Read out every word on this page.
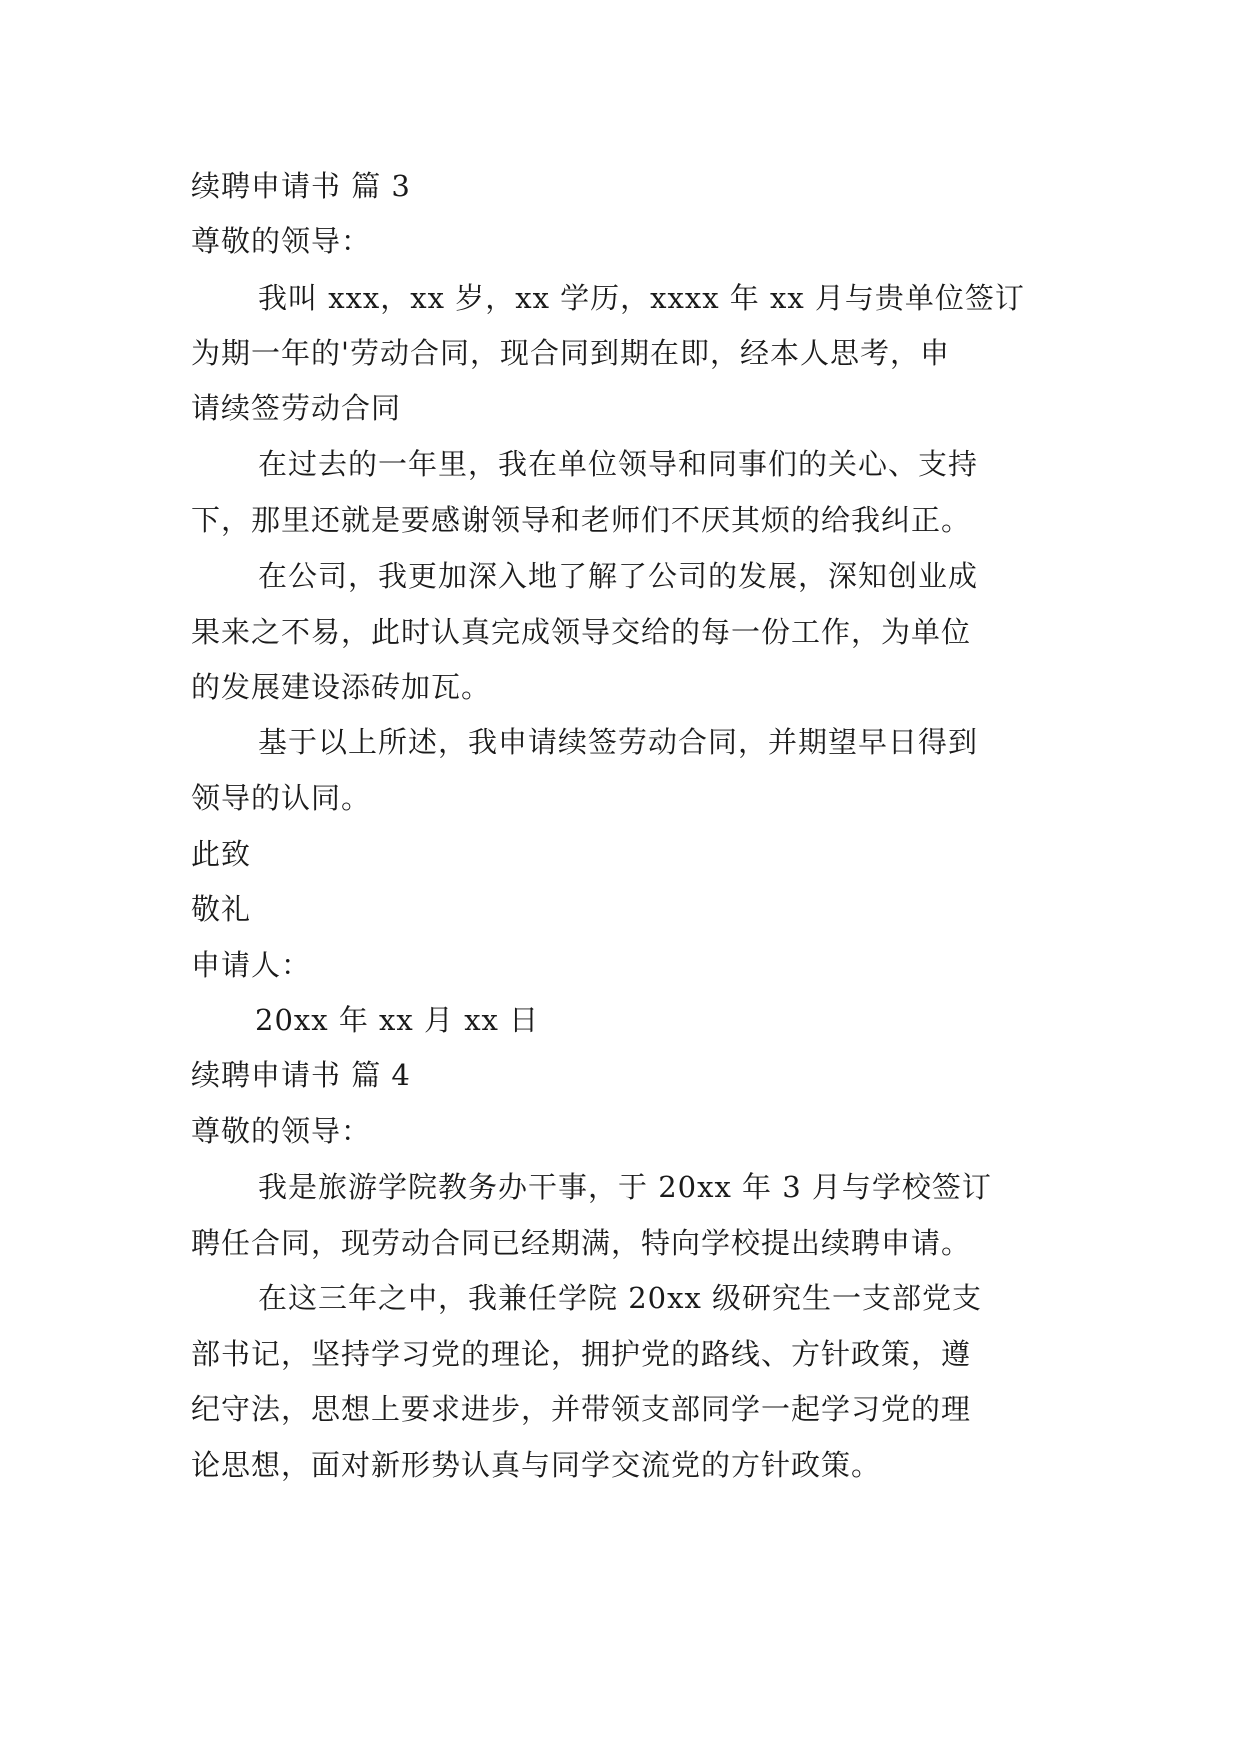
续聘申请书 篇 3
尊敬的领导：
我叫 xxx，xx 岁，xx 学历，xxxx 年 xx 月与贵单位签订
为期一年的'劳动合同，现合同到期在即，经本人思考，申
请续签劳动合同
在过去的一年里，我在单位领导和同事们的关心、支持
下，那里还就是要感谢领导和老师们不厌其烦的给我纠正。
在公司，我更加深入地了解了公司的发展，深知创业成
果来之不易，此时认真完成领导交给的每一份工作，为单位
的发展建设添砖加瓦。
基于以上所述，我申请续签劳动合同，并期望早日得到
领导的认同。
此致
敬礼
申请人：
20xx 年 xx 月 xx 日
续聘申请书 篇 4
尊敬的领导：
我是旅游学院教务办干事，于 20xx 年 3 月与学校签订
聘任合同，现劳动合同已经期满，特向学校提出续聘申请。
在这三年之中，我兼任学院 20xx 级研究生一支部党支
部书记，坚持学习党的理论，拥护党的路线、方针政策，遵
纪守法，思想上要求进步，并带领支部同学一起学习党的理
论思想，面对新形势认真与同学交流党的方针政策。
